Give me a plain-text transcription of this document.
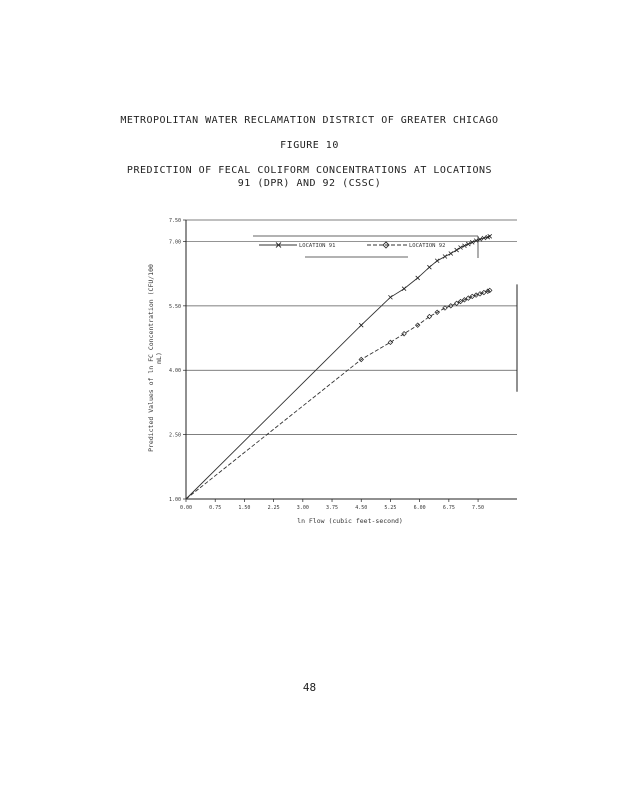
METROPOLITAN WATER RECLAMATION DISTRICT OF GREATER CHICAGO
FIGURE 10
PREDICTION OF FECAL COLIFORM CONCENTRATIONS AT LOCATIONS
91 (DPR) AND 92 (CSSC)
0.00	0.75	1.50	2.25	3.00	3.75	4.50	5.25	6.00	6.75	7.50
1.00
2.50
4.00
5.50
7.00
7.50
ln Flow (cubic feet-second)
Predicted Values of ln FC Concentration (CFU/100 mL)
LOCATION 91	LOCATION 92
48
